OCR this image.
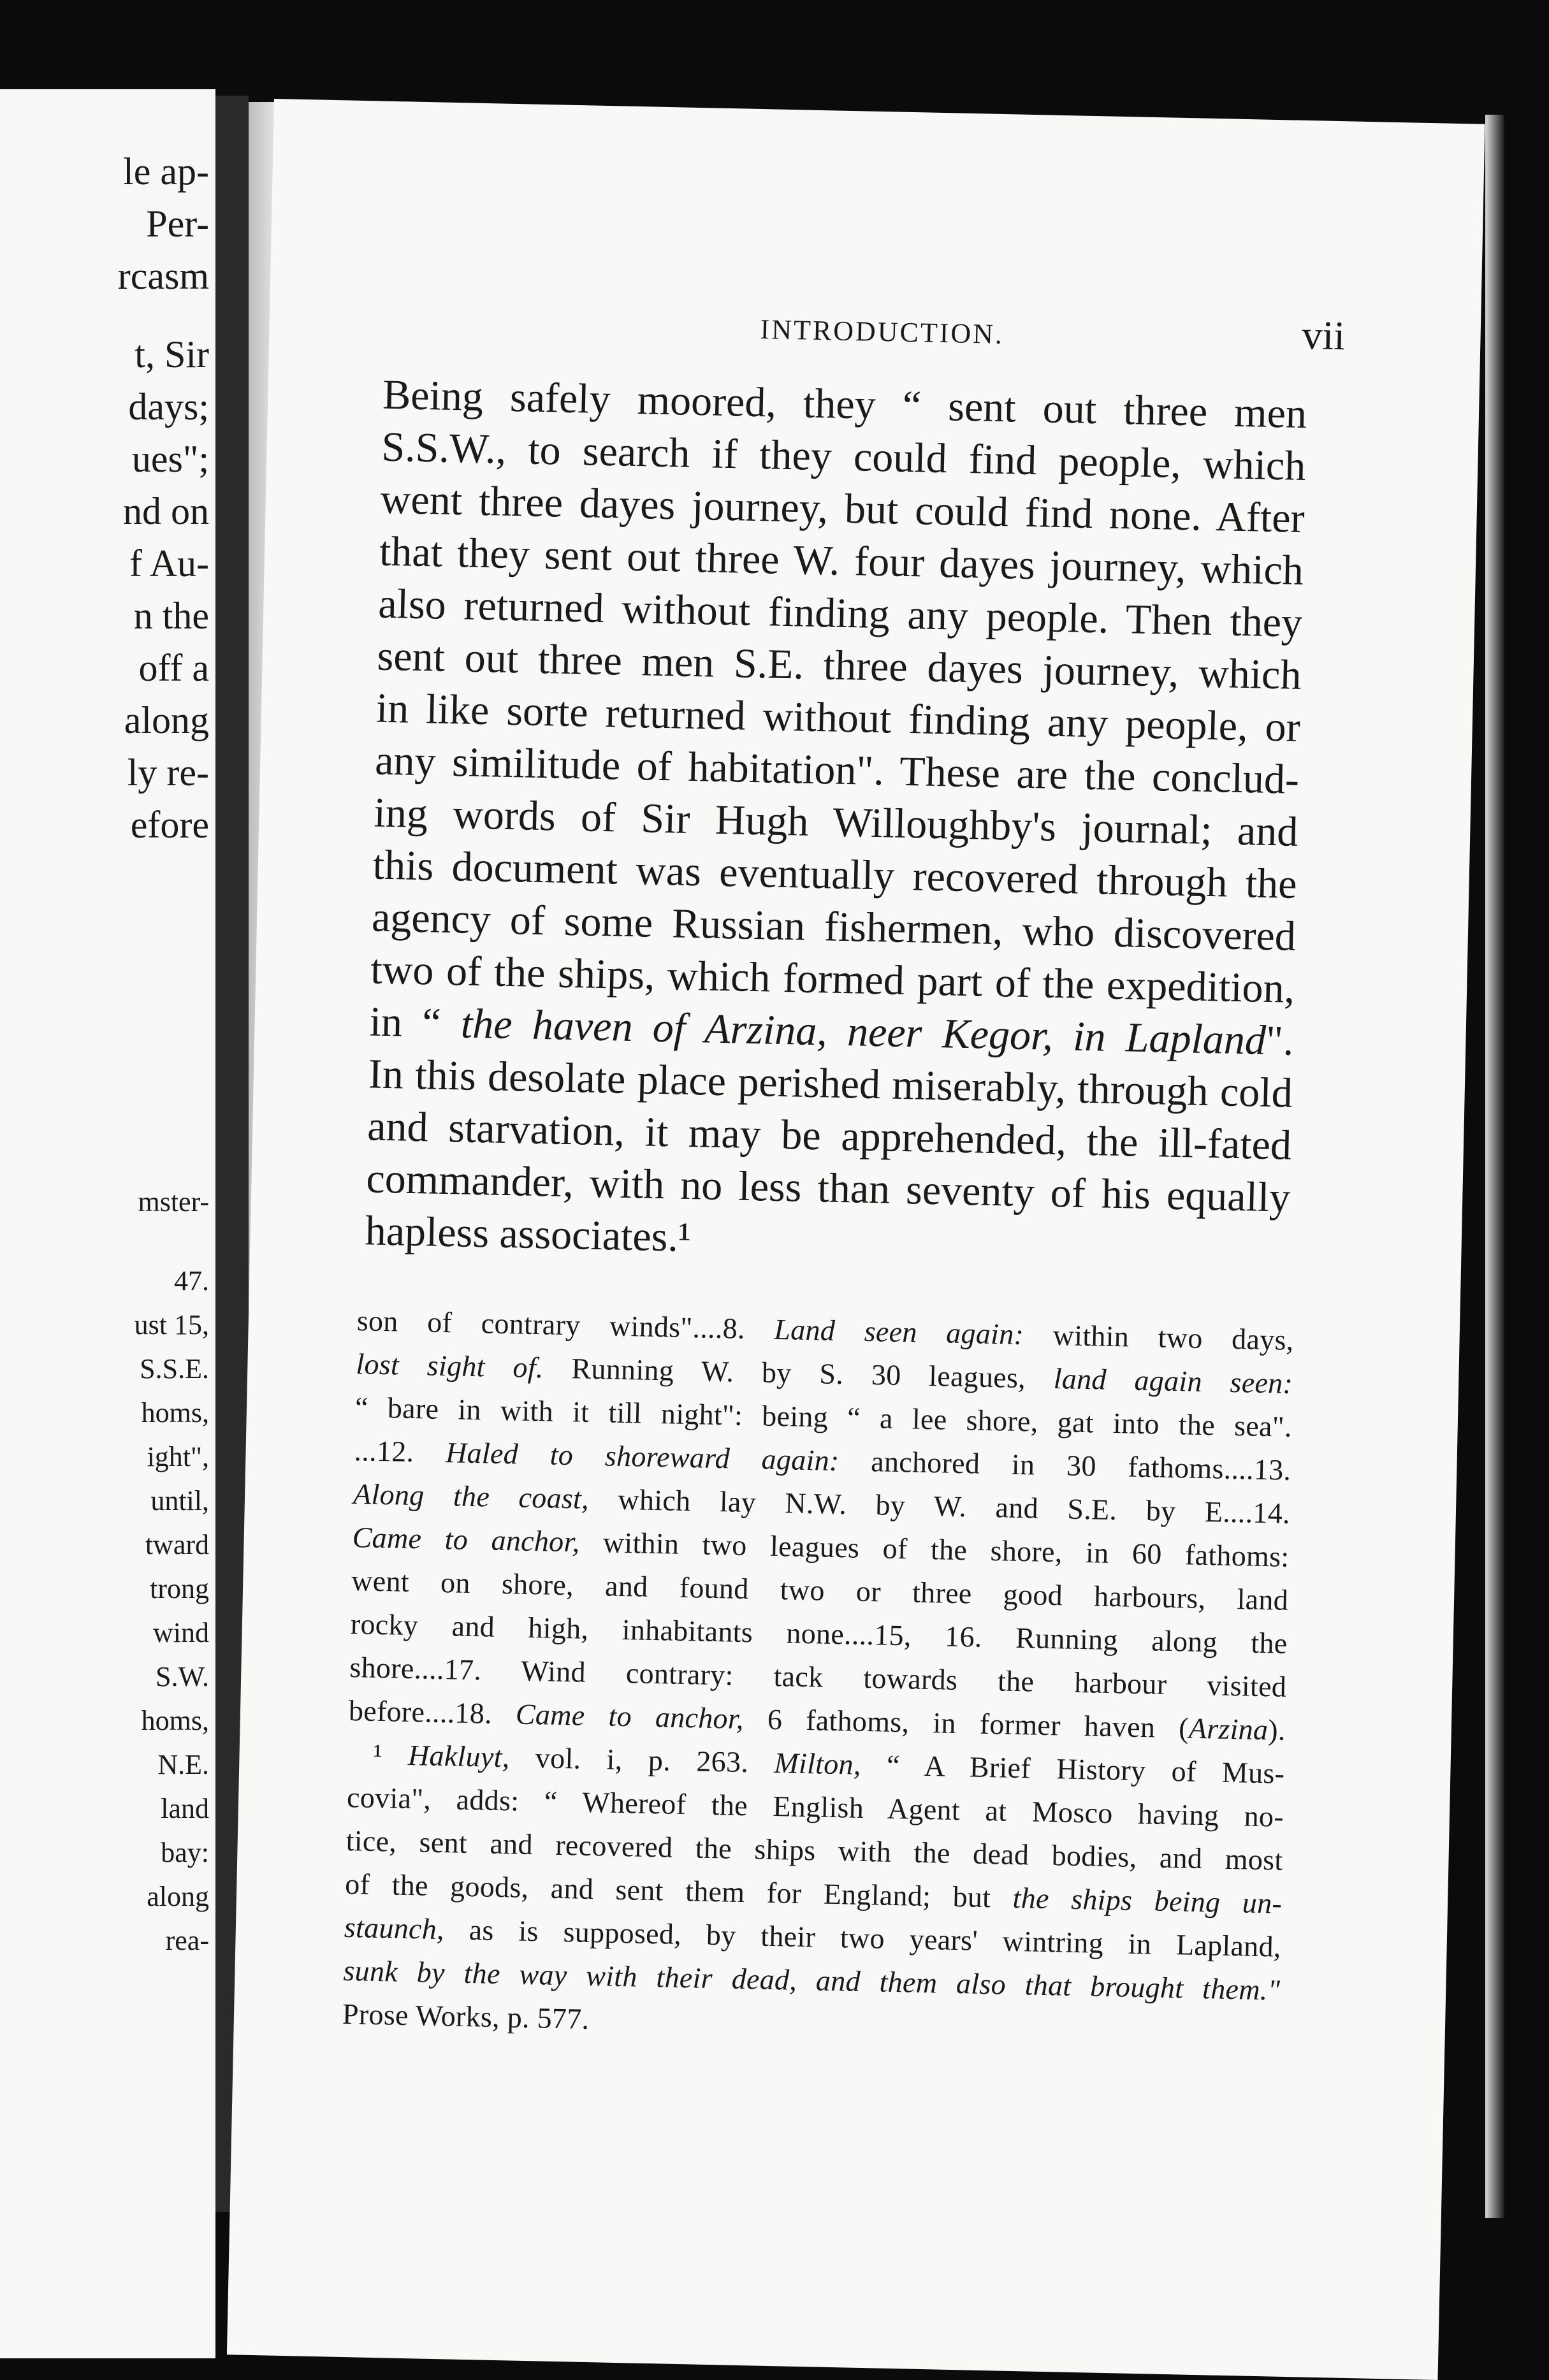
le ap-
Per-
rcasm
t, Sir
days;
ues";
nd on
f Au-
n the
off a
along
ly re-
efore
mster-
47.
ust 15,
S.S.E.
homs,
ight",
until,
tward
trong
wind
S.W.
homs,
N.E.
land
bay:
along
rea-
INTRODUCTION.	vii
Being safely moored, they “ sent out three men
S.S.W., to search if they could find people, which
went three dayes journey, but could find none. After
that they sent out three W. four dayes journey, which
also returned without finding any people. Then they
sent out three men S.E. three dayes journey, which
in like sorte returned without finding any people, or
any similitude of habitation". These are the conclud-
ing words of Sir Hugh Willoughby's journal; and
this document was eventually recovered through the
agency of some Russian fishermen, who discovered
two of the ships, which formed part of the expedition,
in “ the haven of Arzina, neer Kegor, in Lapland".
In this desolate place perished miserably, through cold
and starvation, it may be apprehended, the ill-fated
commander, with no less than seventy of his equally
hapless associates.¹
son of contrary winds"....8. Land seen again: within two days,
lost sight of. Running W. by S. 30 leagues, land again seen:
“ bare in with it till night": being “ a lee shore, gat into the sea".
...12. Haled to shoreward again: anchored in 30 fathoms....13.
Along the coast, which lay N.W. by W. and S.E. by E....14.
Came to anchor, within two leagues of the shore, in 60 fathoms:
went on shore, and found two or three good harbours, land
rocky and high, inhabitants none....15, 16. Running along the
shore....17. Wind contrary: tack towards the harbour visited
before....18. Came to anchor, 6 fathoms, in former haven (Arzina).
¹ Hakluyt, vol. i, p. 263. Milton, “ A Brief History of Mus-
covia", adds: “ Whereof the English Agent at Mosco having no-
tice, sent and recovered the ships with the dead bodies, and most
of the goods, and sent them for England; but the ships being un-
staunch, as is supposed, by their two years' wintring in Lapland,
sunk by the way with their dead, and them also that brought them."
Prose Works, p. 577.
